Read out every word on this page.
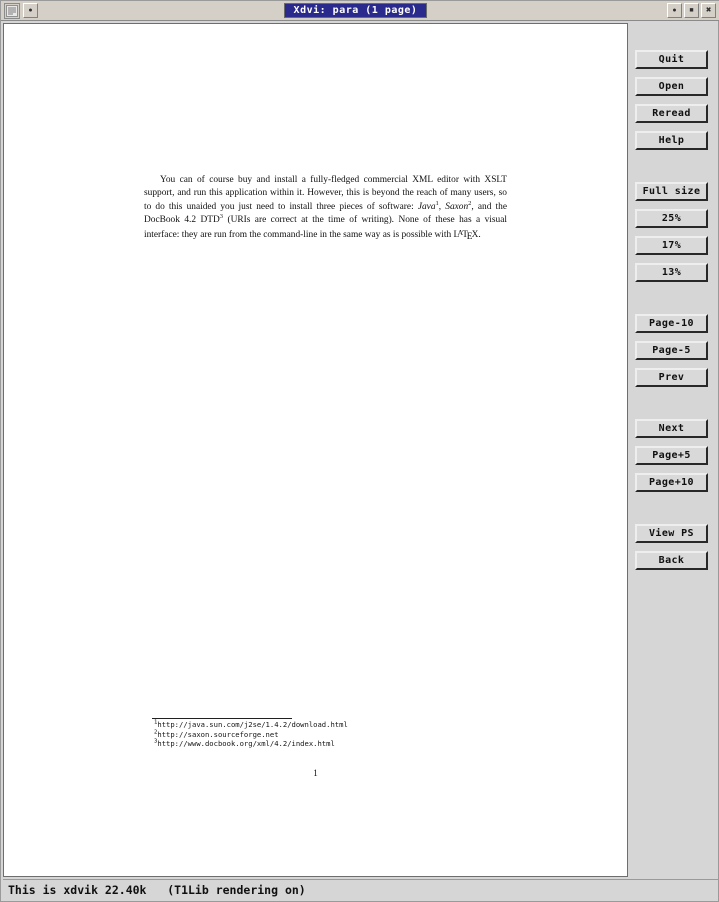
●	Xdvi: para (1 page)	●	■	✖
You can of course buy and install a fully-fledged commercial XML editor with XSLT support, and run this application within it. However, this is beyond the reach of many users, so to do this unaided you just need to install three pieces of software: Java$^1$, Saxon$^2$, and the DocBook 4.2 DTD$^3$ (URIs are correct at the time of writing). None of these has a visual interface: they are run from the command-line in the same way as is possible with LATEX.
$^1$http://java.sun.com/j2se/1.4.2/download.html
$^2$http://saxon.sourceforge.net
$^3$http://www.docbook.org/xml/4.2/index.html
1
Quit
Open
Reread
Help
Full size
25%
17%
13%
Page-10
Page-5
Prev
Next
Page+5
Page+10
View PS
Back
This is xdvik 22.40k   (T1Lib rendering on)
